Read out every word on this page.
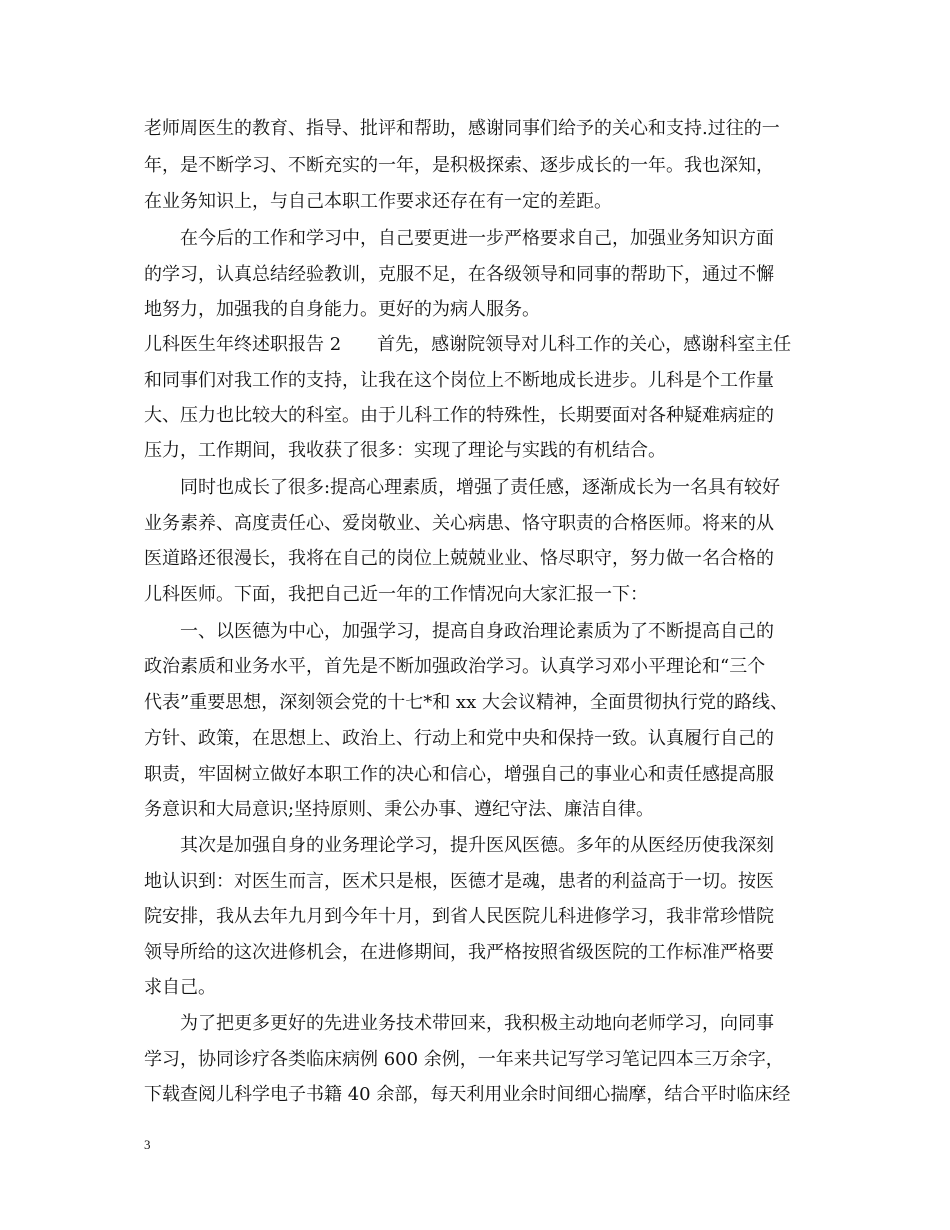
老师周医生的教育、指导、批评和帮助，感谢同事们给予的关心和支持.过往的一
年，是不断学习、不断充实的一年，是积极探索、逐步成长的一年。我也深知，
在业务知识上，与自己本职工作要求还存在有一定的差距。
在今后的工作和学习中，自己要更进一步严格要求自己，加强业务知识方面
的学习，认真总结经验教训，克服不足，在各级领导和同事的帮助下，通过不懈
地努力，加强我的自身能力。更好的为病人服务。
儿科医生年终述职报告 2　　首先，感谢院领导对儿科工作的关心，感谢科室主任
和同事们对我工作的支持，让我在这个岗位上不断地成长进步。儿科是个工作量
大、压力也比较大的科室。由于儿科工作的特殊性，长期要面对各种疑难病症的
压力，工作期间，我收获了很多：实现了理论与实践的有机结合。
同时也成长了很多:提高心理素质，增强了责任感，逐渐成长为一名具有较好
业务素养、高度责任心、爱岗敬业、关心病患、恪守职责的合格医师。将来的从
医道路还很漫长，我将在自己的岗位上兢兢业业、恪尽职守，努力做一名合格的
儿科医师。下面，我把自己近一年的工作情况向大家汇报一下：
一、以医德为中心，加强学习，提高自身政治理论素质为了不断提高自己的
政治素质和业务水平，首先是不断加强政治学习。认真学习邓小平理论和“三个
代表”重要思想，深刻领会党的十七*和 xx 大会议精神，全面贯彻执行党的路线、
方针、政策，在思想上、政治上、行动上和党中央和保持一致。认真履行自己的
职责，牢固树立做好本职工作的决心和信心，增强自己的事业心和责任感提高服
务意识和大局意识;坚持原则、秉公办事、遵纪守法、廉洁自律。
其次是加强自身的业务理论学习，提升医风医德。多年的从医经历使我深刻
地认识到：对医生而言，医术只是根，医德才是魂，患者的利益高于一切。按医
院安排，我从去年九月到今年十月，到省人民医院儿科进修学习，我非常珍惜院
领导所给的这次进修机会，在进修期间，我严格按照省级医院的工作标准严格要
求自己。
为了把更多更好的先进业务技术带回来，我积极主动地向老师学习，向同事
学习，协同诊疗各类临床病例 600 余例，一年来共记写学习笔记四本三万余字，
下载查阅儿科学电子书籍 40 余部，每天利用业余时间细心揣摩，结合平时临床经
3
